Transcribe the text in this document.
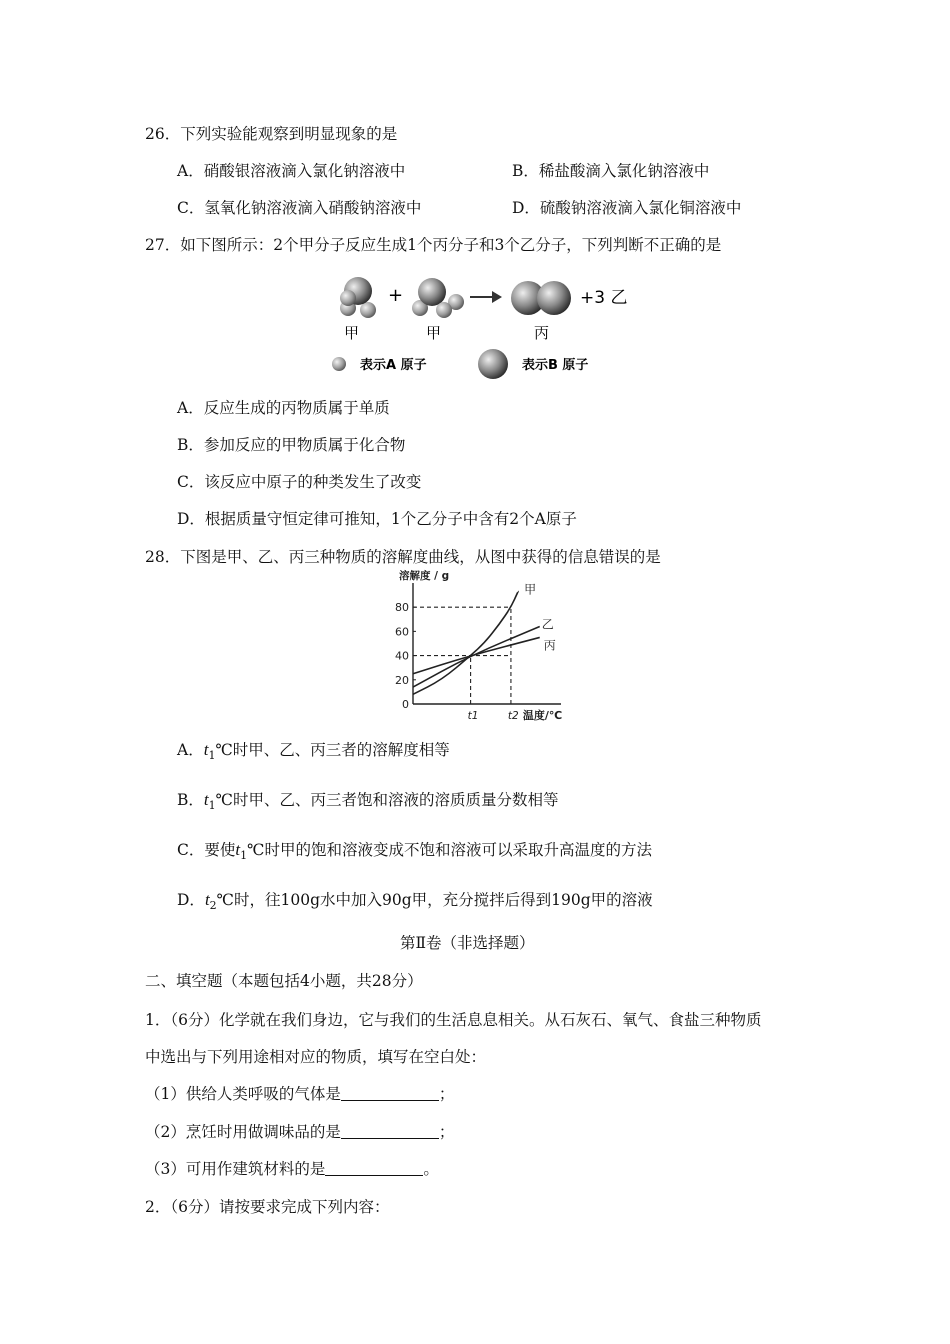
26．下列实验能观察到明显现象的是
A．硝酸银溶液滴入氯化钠溶液中	B．稀盐酸滴入氯化钠溶液中
C．氢氧化钠溶液滴入硝酸钠溶液中	D．硫酸钠溶液滴入氯化铜溶液中
27．如下图所示：2个甲分子反应生成1个丙分子和3个乙分子，下列判断不正确的是
+	+3 乙
甲	甲	丙
表示A 原子	表示B 原子
A．反应生成的丙物质属于单质
B．参加反应的甲物质属于化合物
C．该反应中原子的种类发生了改变
D．根据质量守恒定律可推知，1个乙分子中含有2个A原子
28．下图是甲、乙、丙三种物质的溶解度曲线，从图中获得的信息错误的是
0
20
40
60
80
溶解度 / g
甲
乙
丙
t1	t2 温度/℃
A．$t_1℃$时甲、乙、丙三者的溶解度相等
B．$t_1℃$时甲、乙、丙三者饱和溶液的溶质质量分数相等
C．要使$t_1℃$时甲的饱和溶液变成不饱和溶液可以采取升高温度的方法
D．$t_2℃$时，往100g水中加入90g甲，充分搅拌后得到190g甲的溶液
第Ⅱ卷（非选择题）
二、填空题（本题包括4小题，共28分）
1．（6分）化学就在我们身边，它与我们的生活息息相关。从石灰石、氧气、食盐三种物质
中选出与下列用途相对应的物质，填写在空白处：
（1）供给人类呼吸的气体是	；
（2）烹饪时用做调味品的是	；
（3）可用作建筑材料的是	。
2．（6分）请按要求完成下列内容：
